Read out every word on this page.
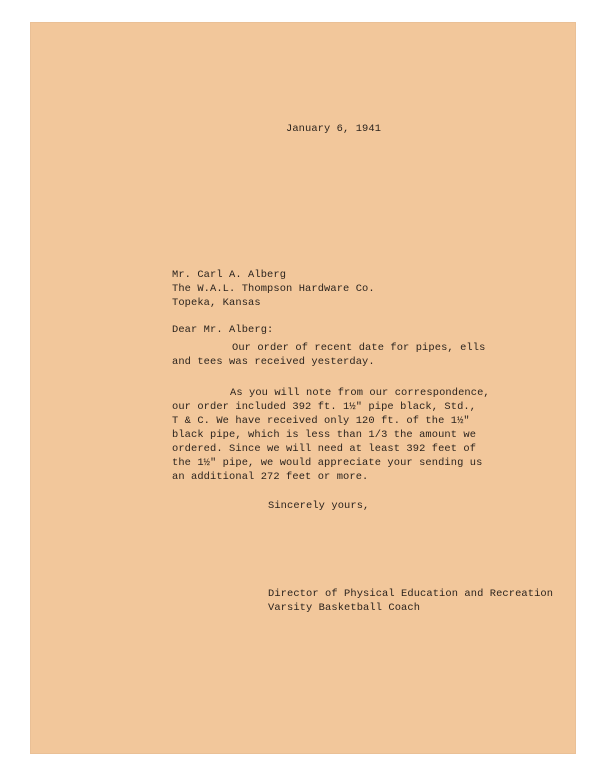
January 6, 1941
Mr. Carl A. Alberg
The W.A.L. Thompson Hardware Co.
Topeka, Kansas
Dear Mr. Alberg:
Our order of recent date for pipes, ells
and tees was received yesterday.
As you will note from our correspondence,
our order included 392 ft. 1½" pipe black, Std.,
T & C. We have received only 120 ft. of the 1½"
black pipe, which is less than 1/3 the amount we
ordered. Since we will need at least 392 feet of
the 1½" pipe, we would appreciate your sending us
an additional 272 feet or more.
Sincerely yours,
Director of Physical Education and Recreation
Varsity Basketball Coach
